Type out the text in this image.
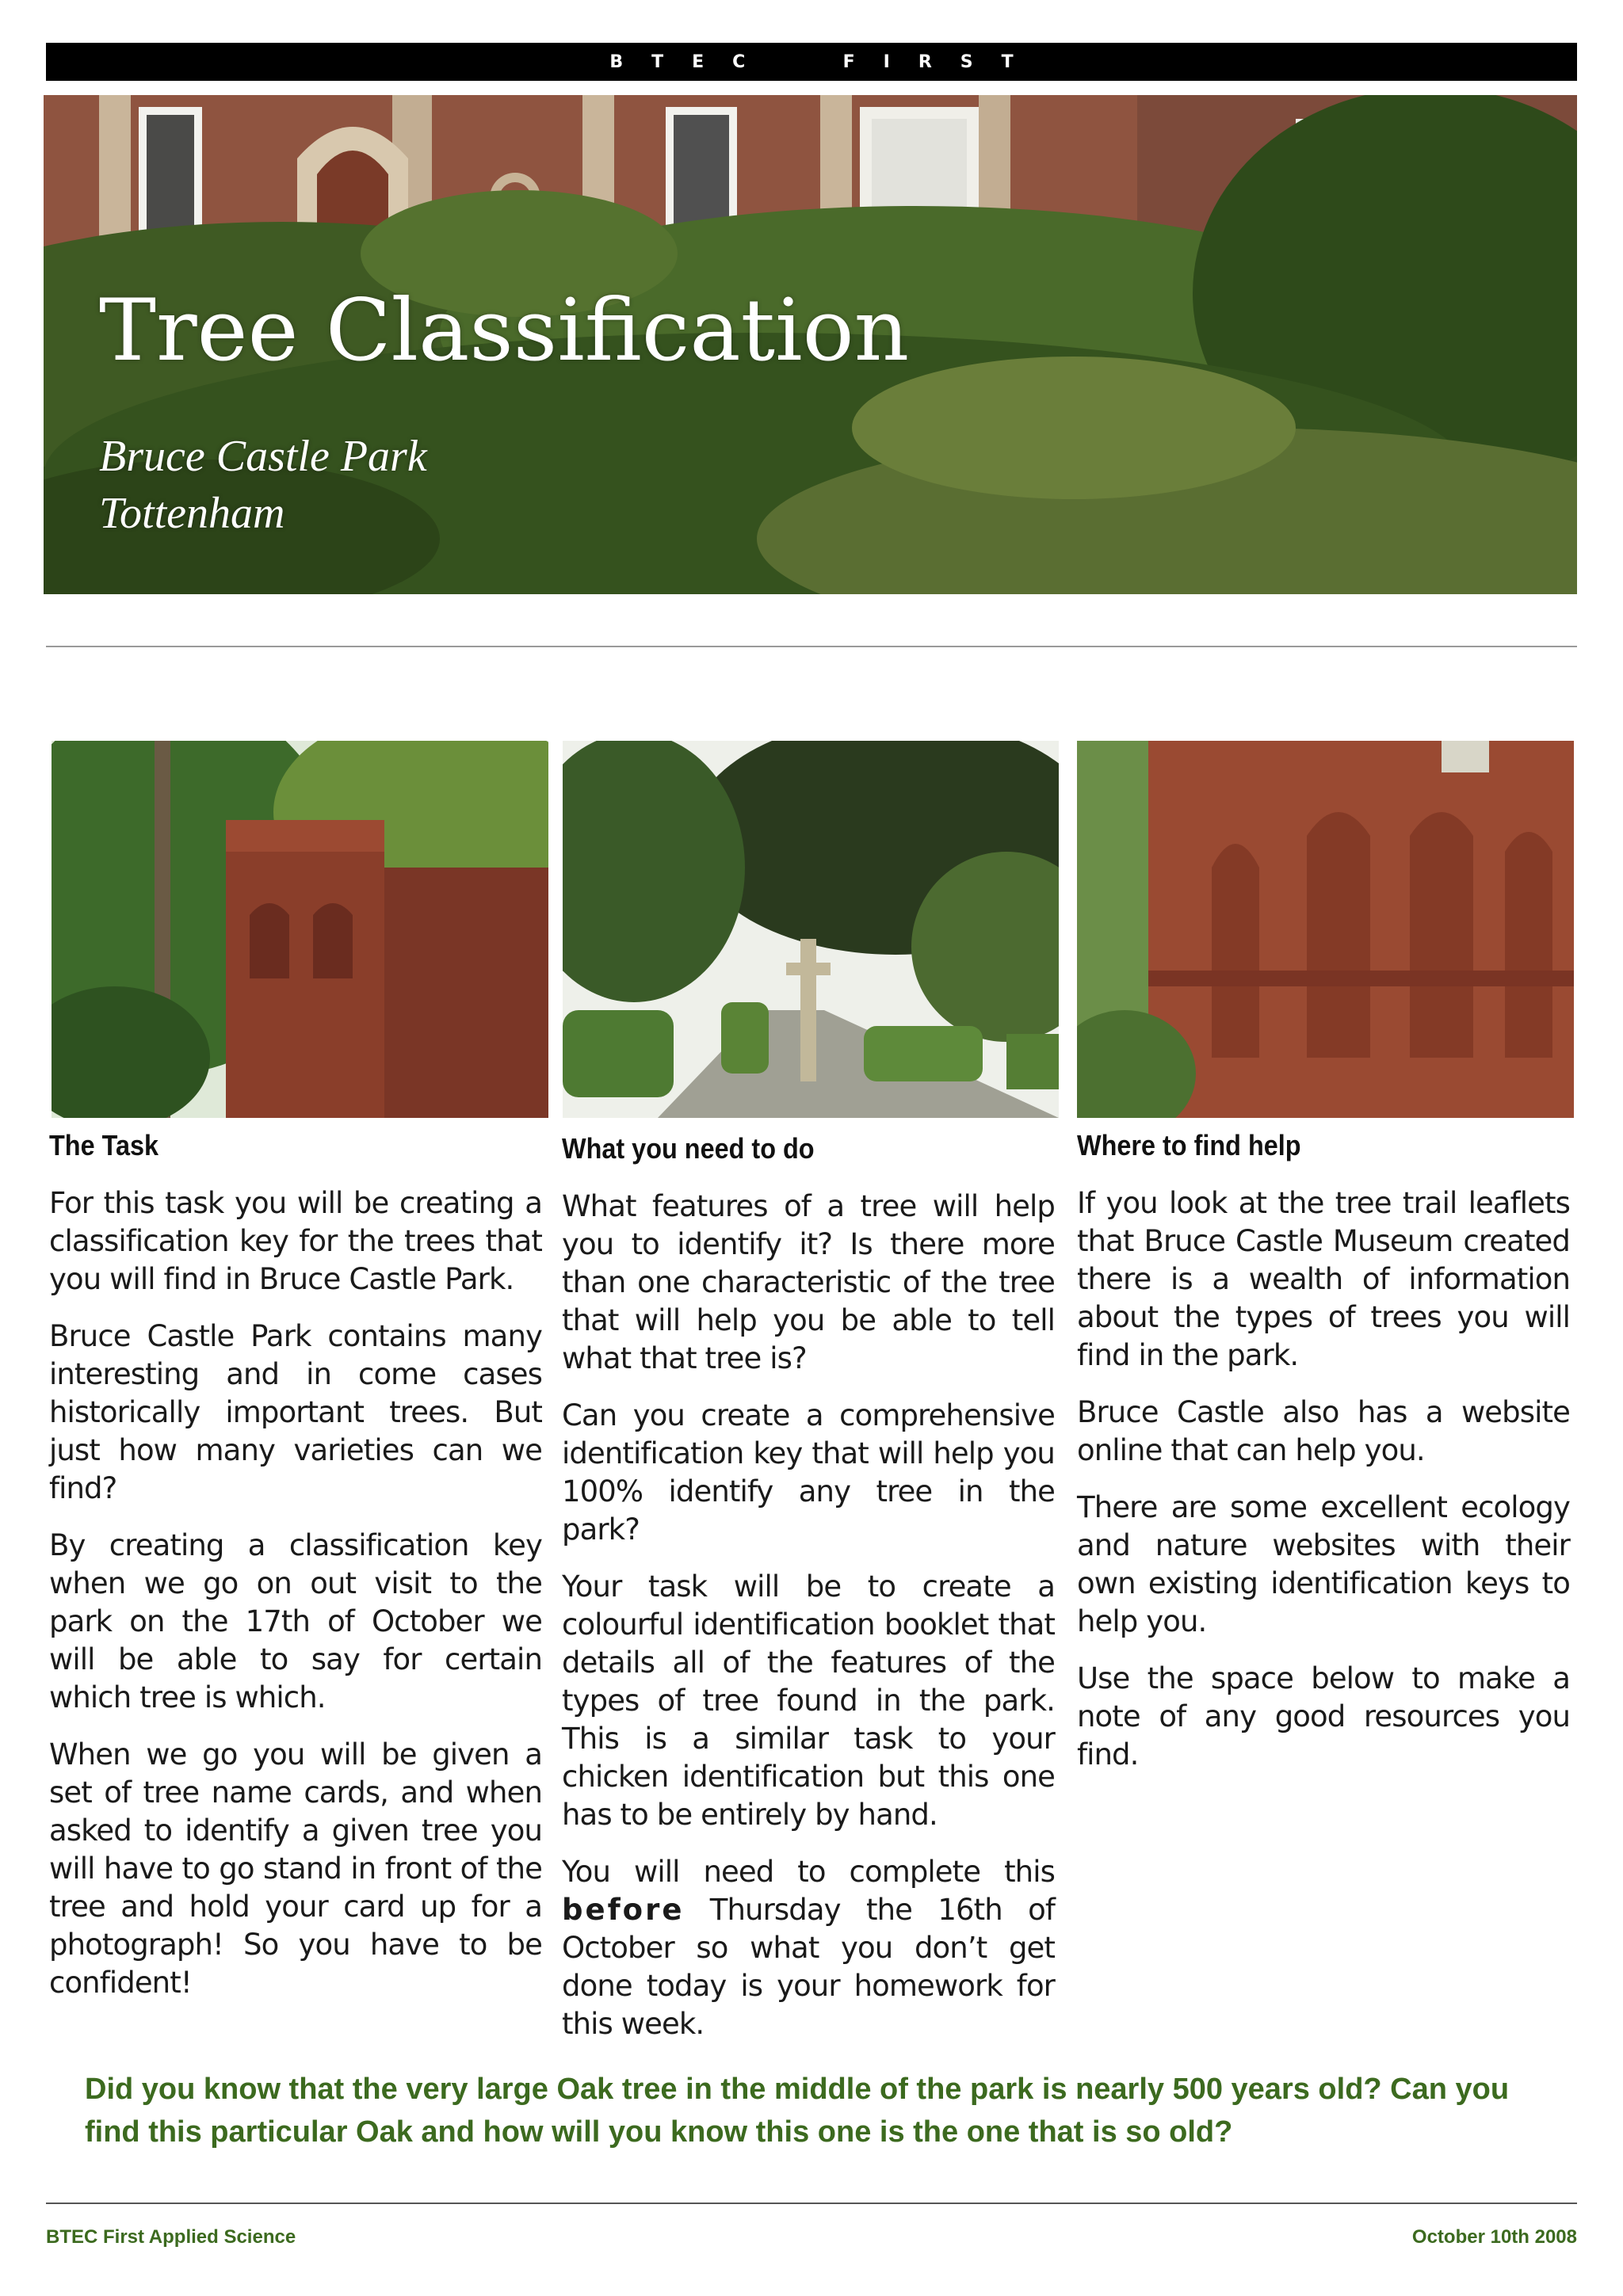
BTEC  FIRST
Tree Classification
Bruce Castle Park
Tottenham
The Task

For this task you will be creating a classification key for the trees that you will find in Bruce Castle Park.

Bruce Castle Park contains many interesting and in come cases historically important trees. But just how many varieties can we find?

By creating a classification key when we go on out visit to the park on the 17th of October we will be able to say for certain which tree is which.

When we go you will be given a set of tree name cards, and when asked to identify a given tree you will have to go stand in front of the tree and hold your card up for a photograph! So you have to be confident!

What you need to do

What features of a tree will help you to identify it? Is there more than one characteristic of the tree that will help you be able to tell what that tree is?

Can you create a comprehensive identification key that will help you 100% identify any tree in the park?

Your task will be to create a colourful identification booklet that details all of the features of the types of tree found in the park. This is a similar task to your chicken identification but this one has to be entirely by hand.

You will need to complete this before Thursday the 16th of October so what you don’t get done today is your homework for this week.

Where to find help

If you look at the tree trail leaflets that Bruce Castle Museum created there is a wealth of information about the types of trees you will find in the park.

Bruce Castle also has a website online that can help you.

There are some excellent ecology and nature websites with their own existing identification keys to help you.

Use the space below to make a note of any good resources you find.

Did you know that the very large Oak tree in the middle of the park is nearly 500 years old? Can you find this particular Oak and how will you know this one is the one that is so old?
BTEC First Applied Science	October 10th 2008
